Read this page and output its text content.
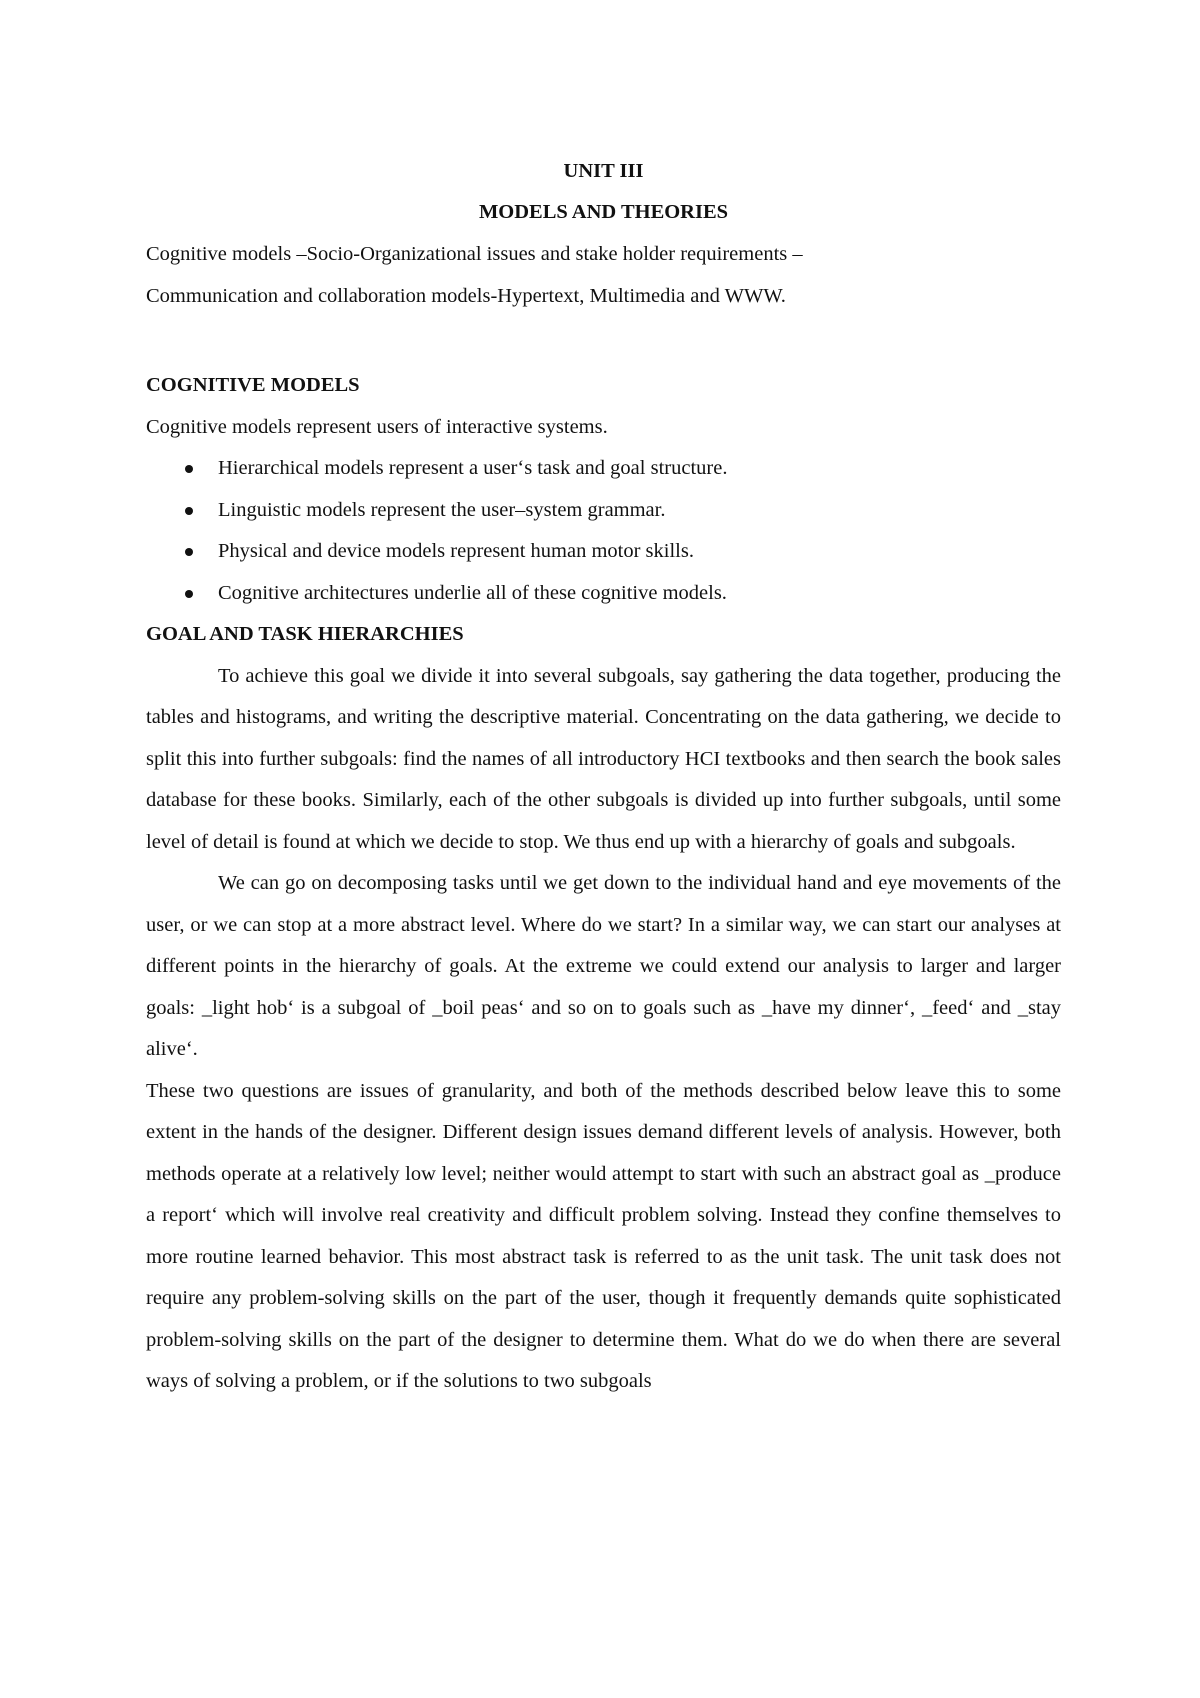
UNIT III
MODELS AND THEORIES
Cognitive models –Socio-Organizational issues and stake holder requirements –
Communication and collaboration models-Hypertext, Multimedia and WWW.
COGNITIVE MODELS
Cognitive models represent users of interactive systems.
Hierarchical models represent a user‘s task and goal structure.
Linguistic models represent the user–system grammar.
Physical and device models represent human motor skills.
Cognitive architectures underlie all of these cognitive models.
GOAL AND TASK HIERARCHIES

To achieve this goal we divide it into several subgoals, say gathering the data together, producing the tables and histograms, and writing the descriptive material. Concentrating on the data gathering, we decide to split this into further subgoals: find the names of all introductory HCI textbooks and then search the book sales database for these books. Similarly, each of the other subgoals is divided up into further subgoals, until some level of detail is found at which we decide to stop. We thus end up with a hierarchy of goals and subgoals.

We can go on decomposing tasks until we get down to the individual hand and eye movements of the user, or we can stop at a more abstract level. Where do we start? In a similar way, we can start our analyses at different points in the hierarchy of goals. At the extreme we could extend our analysis to larger and larger goals: _light hob‘ is a subgoal of _boil peas‘ and so on to goals such as _have my dinner‘, _feed‘ and _stay alive‘.

These two questions are issues of granularity, and both of the methods described below leave this to some extent in the hands of the designer. Different design issues demand different levels of analysis. However, both methods operate at a relatively low level; neither would attempt to start with such an abstract goal as _produce a report‘ which will involve real creativity and difficult problem solving. Instead they confine themselves to more routine learned behavior. This most abstract task is referred to as the unit task. The unit task does not require any problem-solving skills on the part of the user, though it frequently demands quite sophisticated problem-solving skills on the part of the designer to determine them. What do we do when there are several ways of solving a problem, or if the solutions to two subgoals
